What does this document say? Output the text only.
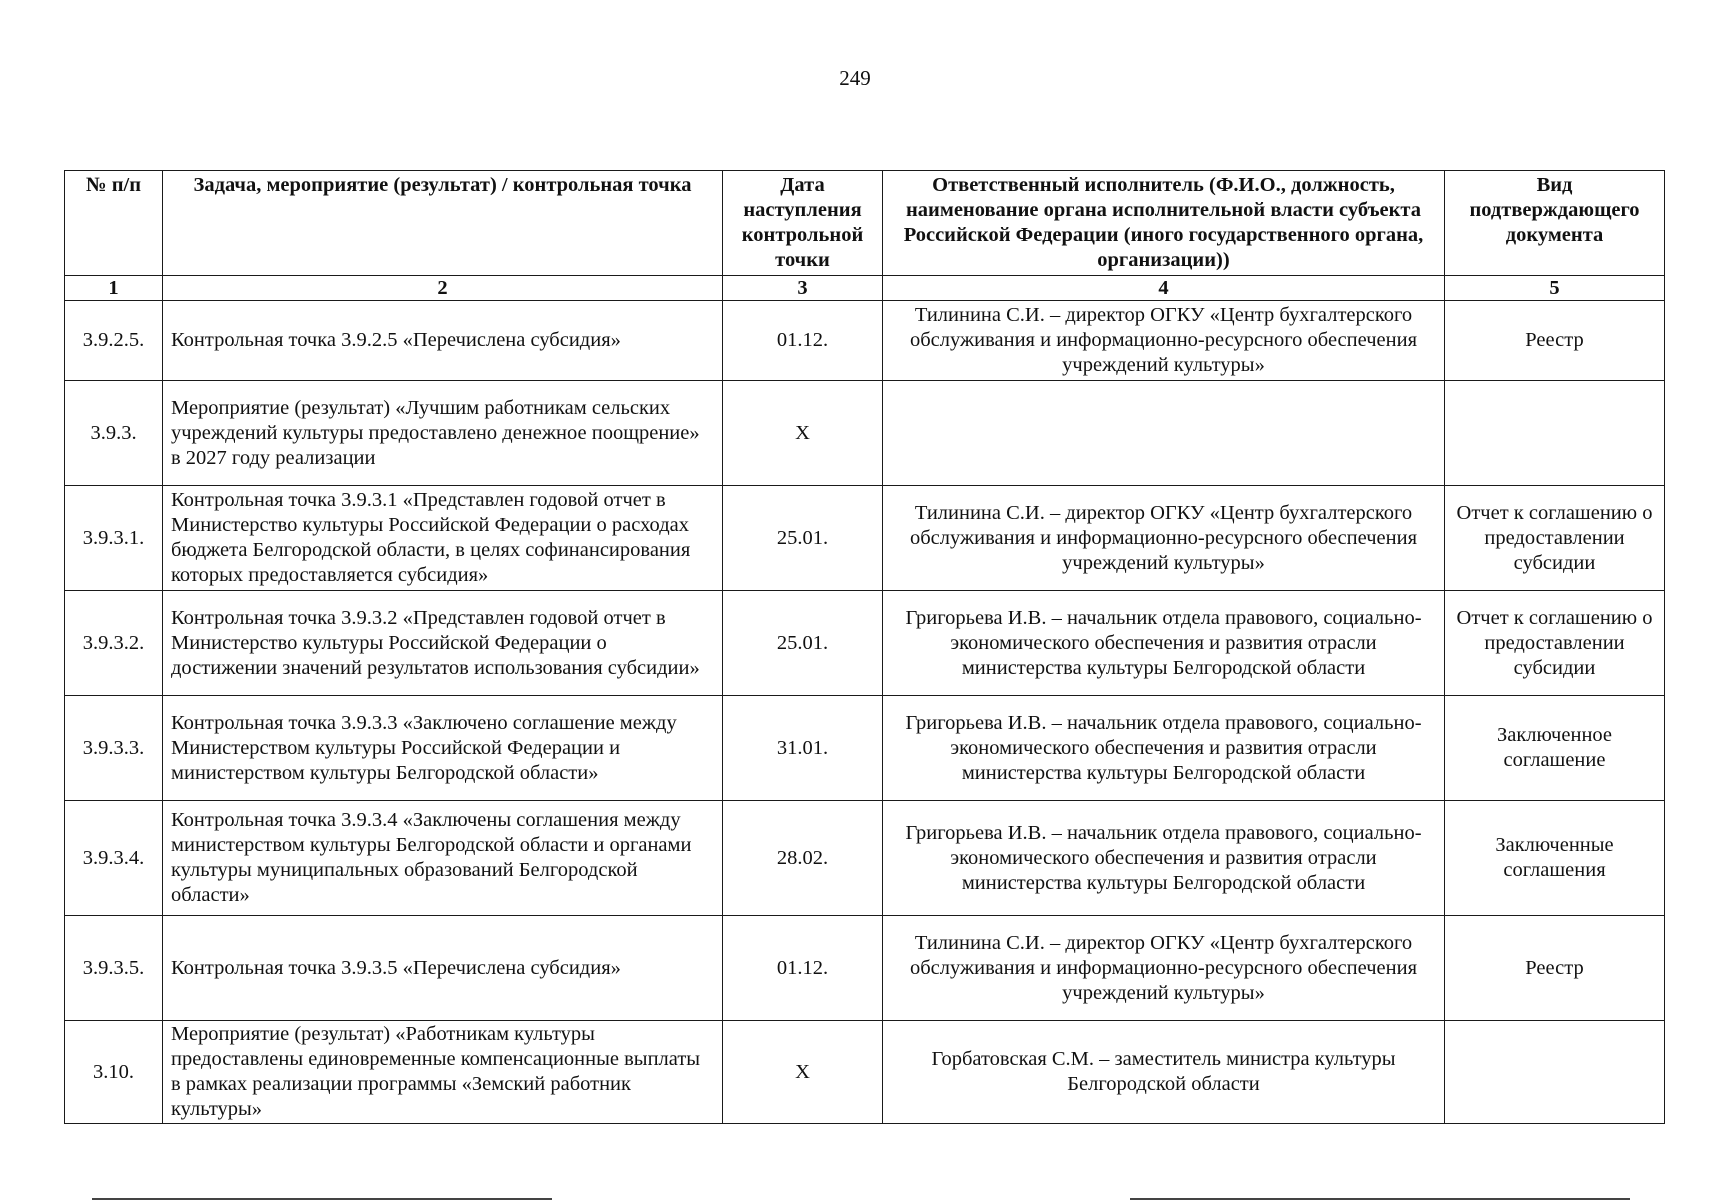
249
№ п/п	Задача, мероприятие (результат) / контрольная точка	Дата наступления контрольной точки	Ответственный исполнитель (Ф.И.О., должность, наименование органа исполнительной власти субъекта Российской Федерации (иного государственного органа, организации))	Вид подтверждающего документа
1	2	3	4	5
3.9.2.5.	Контрольная точка 3.9.2.5 «Перечислена субсидия»	01.12.	Тилинина С.И. – директор ОГКУ «Центр бухгалтерского обслуживания и информационно-ресурсного обеспечения учреждений культуры»	Реестр
3.9.3.	Мероприятие (результат) «Лучшим работникам сельских учреждений культуры предоставлено денежное поощрение» в 2027 году реализации	X		
3.9.3.1.	Контрольная точка 3.9.3.1 «Представлен годовой отчет в Министерство культуры Российской Федерации о расходах бюджета Белгородской области, в целях софинансирования которых предоставляется субсидия»	25.01.	Тилинина С.И. – директор ОГКУ «Центр бухгалтерского обслуживания и информационно-ресурсного обеспечения учреждений культуры»	Отчет к соглашению о предоставлении субсидии
3.9.3.2.	Контрольная точка 3.9.3.2 «Представлен годовой отчет в Министерство культуры Российской Федерации о достижении значений результатов использования субсидии»	25.01.	Григорьева И.В. – начальник отдела правового, социально-экономического обеспечения и развития отрасли министерства культуры Белгородской области	Отчет к соглашению о предоставлении субсидии
3.9.3.3.	Контрольная точка 3.9.3.3 «Заключено соглашение между Министерством культуры Российской Федерации и министерством культуры Белгородской области»	31.01.	Григорьева И.В. – начальник отдела правового, социально-экономического обеспечения и развития отрасли министерства культуры Белгородской области	Заключенное соглашение
3.9.3.4.	Контрольная точка 3.9.3.4 «Заключены соглашения между министерством культуры Белгородской области и органами культуры муниципальных образований Белгородской области»	28.02.	Григорьева И.В. – начальник отдела правового, социально-экономического обеспечения и развития отрасли министерства культуры Белгородской области	Заключенные соглашения
3.9.3.5.	Контрольная точка 3.9.3.5 «Перечислена субсидия»	01.12.	Тилинина С.И. – директор ОГКУ «Центр бухгалтерского обслуживания и информационно-ресурсного обеспечения учреждений культуры»	Реестр
3.10.	Мероприятие (результат) «Работникам культуры предоставлены единовременные компенсационные выплаты в рамках реализации программы «Земский работник культуры»	X	Горбатовская С.М. – заместитель министра культуры Белгородской области	
